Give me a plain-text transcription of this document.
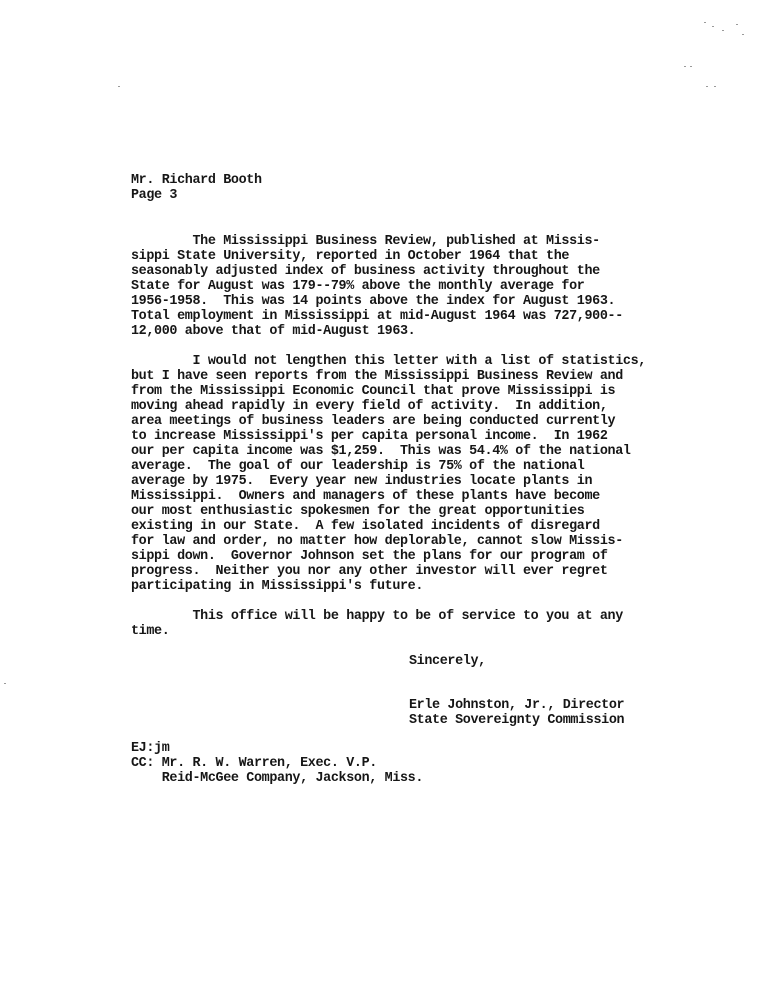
Mr. Richard Booth
Page 3
The Mississippi Business Review, published at Missis-
sippi State University, reported in October 1964 that the
seasonably adjusted index of business activity throughout the
State for August was 179--79% above the monthly average for
1956-1958.  This was 14 points above the index for August 1963.
Total employment in Mississippi at mid-August 1964 was 727,900--
12,000 above that of mid-August 1963.
I would not lengthen this letter with a list of statistics,
but I have seen reports from the Mississippi Business Review and
from the Mississippi Economic Council that prove Mississippi is
moving ahead rapidly in every field of activity.  In addition,
area meetings of business leaders are being conducted currently
to increase Mississippi's per capita personal income.  In 1962
our per capita income was $1,259.  This was 54.4% of the national
average.  The goal of our leadership is 75% of the national
average by 1975.  Every year new industries locate plants in
Mississippi.  Owners and managers of these plants have become
our most enthusiastic spokesmen for the great opportunities
existing in our State.  A few isolated incidents of disregard
for law and order, no matter how deplorable, cannot slow Missis-
sippi down.  Governor Johnson set the plans for our program of
progress.  Neither you nor any other investor will ever regret
participating in Mississippi's future.
This office will be happy to be of service to you at any
time.
Sincerely,
Erle Johnston, Jr., Director
State Sovereignty Commission
EJ:jm
CC: Mr. R. W. Warren, Exec. V.P.
Reid-McGee Company, Jackson, Miss.
